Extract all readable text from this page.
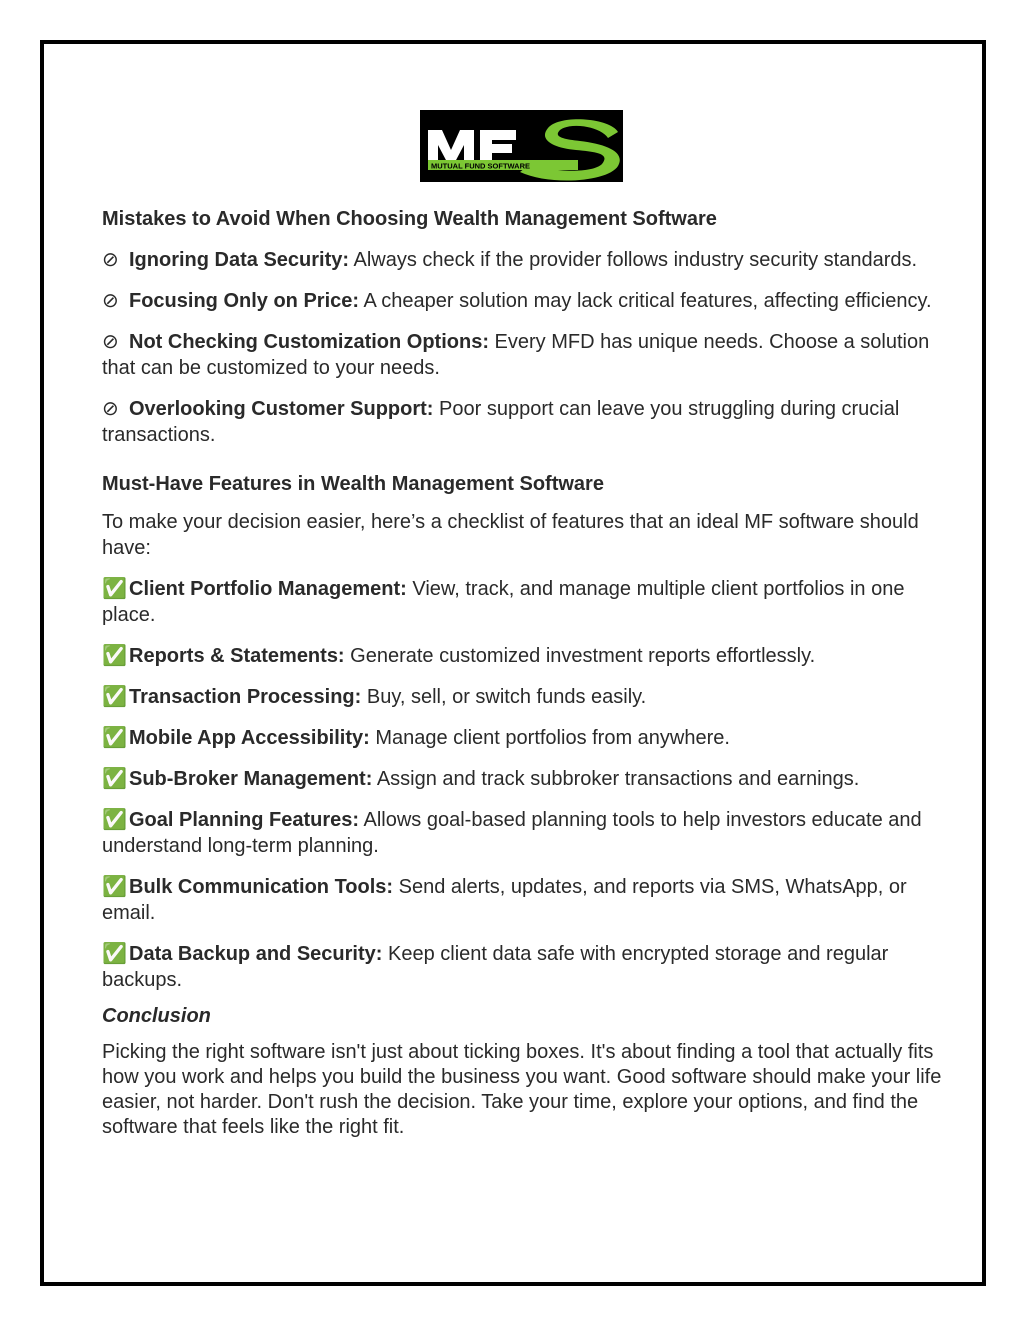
MUTUAL FUND SOFTWARE
Mistakes to Avoid When Choosing Wealth Management Software

⊘ Ignoring Data Security: Always check if the provider follows industry security standards.

⊘ Focusing Only on Price: A cheaper solution may lack critical features, affecting efficiency.

⊘ Not Checking Customization Options: Every MFD has unique needs. Choose a solution that can be customized to your needs.

⊘ Overlooking Customer Support: Poor support can leave you struggling during crucial transactions.

Must-Have Features in Wealth Management Software

To make your decision easier, here’s a checklist of features that an ideal MF software should have:

✅ Client Portfolio Management: View, track, and manage multiple client portfolios in one place.

✅ Reports & Statements: Generate customized investment reports effortlessly.

✅ Transaction Processing: Buy, sell, or switch funds easily.

✅ Mobile App Accessibility: Manage client portfolios from anywhere.

✅ Sub-Broker Management: Assign and track subbroker transactions and earnings.

✅ Goal Planning Features: Allows goal-based planning tools to help investors educate and understand long-term planning.

✅ Bulk Communication Tools: Send alerts, updates, and reports via SMS, WhatsApp, or email.

✅ Data Backup and Security: Keep client data safe with encrypted storage and regular backups.

Conclusion

Picking the right software isn't just about ticking boxes. It's about finding a tool that actually fits how you work and helps you build the business you want. Good software should make your life easier, not harder. Don't rush the decision. Take your time, explore your options, and find the software that feels like the right fit.
